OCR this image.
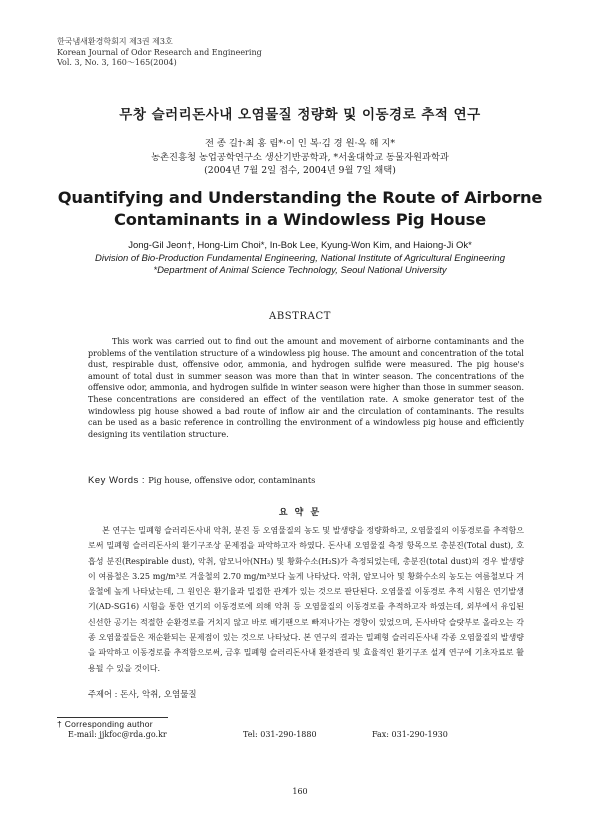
한국냄새환경학회지 제3권 제3호
Korean Journal of Odor Research and Engineering
Vol. 3, No. 3, 160～165(2004)
무창 슬러리돈사내 오염물질 정량화 및 이동경로 추적 연구
전 종 길†·최 홍 림*·이 인 복·김 경 원·옥 해 지*
농촌진흥청 농업공학연구소 생산기반공학과, *서울대학교 동물자원과학과
(2004년 7월 2일 접수, 2004년 9월 7일 채택)
Quantifying and Understanding the Route of Airborne Contaminants in a Windowless Pig House
Jong-Gil Jeon†, Hong-Lim Choi*, In-Bok Lee, Kyung-Won Kim, and Haiong-Ji Ok*
Division of Bio-Production Fundamental Engineering, National Institute of Agricultural Engineering
*Department of Animal Science Technology, Seoul National University
ABSTRACT

This work was carried out to find out the amount and movement of airborne contaminants and the problems of the ventilation structure of a windowless pig house. The amount and concentration of the total dust, respirable dust, offensive odor, ammonia, and hydrogen sulfide were measured. The pig house's amount of total dust in summer season was more than that in winter season. The concentrations of the offensive odor, ammonia, and hydrogen sulfide in winter season were higher than those in summer season. These concentrations are considered an effect of the ventilation rate. A smoke generator test of the windowless pig house showed a bad route of inflow air and the circulation of contaminants. The results can be used as a basic reference in controlling the environment of a windowless pig house and efficiently designing its ventilation structure.

Key Words : Pig house, offensive odor, contaminants
요 약 문

본 연구는 밀폐형 슬러리돈사내 악취, 분진 등 오염물질의 농도 및 발생량을 정량화하고, 오염물질의 이동경로를 추적함으로써 밀폐형 슬러리돈사의 환기구조상 문제점을 파악하고자 하였다. 돈사내 오염물질 측정 항목으로 총분진(Total dust), 호흡성 분진(Respirable dust), 악취, 암모니아(NH₃) 및 황화수소(H₂S)가 측정되었는데, 총분진(total dust)의 경우 발생량이 여름철은 3.25 mg/m³로 겨울철의 2.70 mg/m³보다 높게 나타났다. 악취, 암모니아 및 황화수소의 농도는 여름철보다 겨울철에 높게 나타났는데, 그 원인은 환기율과 밀접한 관계가 있는 것으로 판단된다. 오염물질 이동경로 추적 시험은 연기발생기(AD-SG16) 시험을 통한 연기의 이동경로에 의해 악취 등 오염물질의 이동경로를 추적하고자 하였는데, 외부에서 유입된 신선한 공기는 적절한 순환경로를 거치지 않고 바로 배기팬으로 빠져나가는 경향이 있었으며, 돈사바닥 슬랏부로 올라오는 각종 오염물질들은 재순환되는 문제점이 있는 것으로 나타났다. 본 연구의 결과는 밀폐형 슬러리돈사내 각종 오염물질의 발생량을 파악하고 이동경로를 추적함으로써, 금후 밀폐형 슬러리돈사내 환경관리 및 효율적인 환기구조 설계 연구에 기초자료로 활용될 수 있을 것이다.

주제어 : 돈사, 악취, 오염물질
† Corresponding author
E-mail: jjkfoc@rda.go.kr	Tel: 031-290-1880	Fax: 031-290-1930
160
